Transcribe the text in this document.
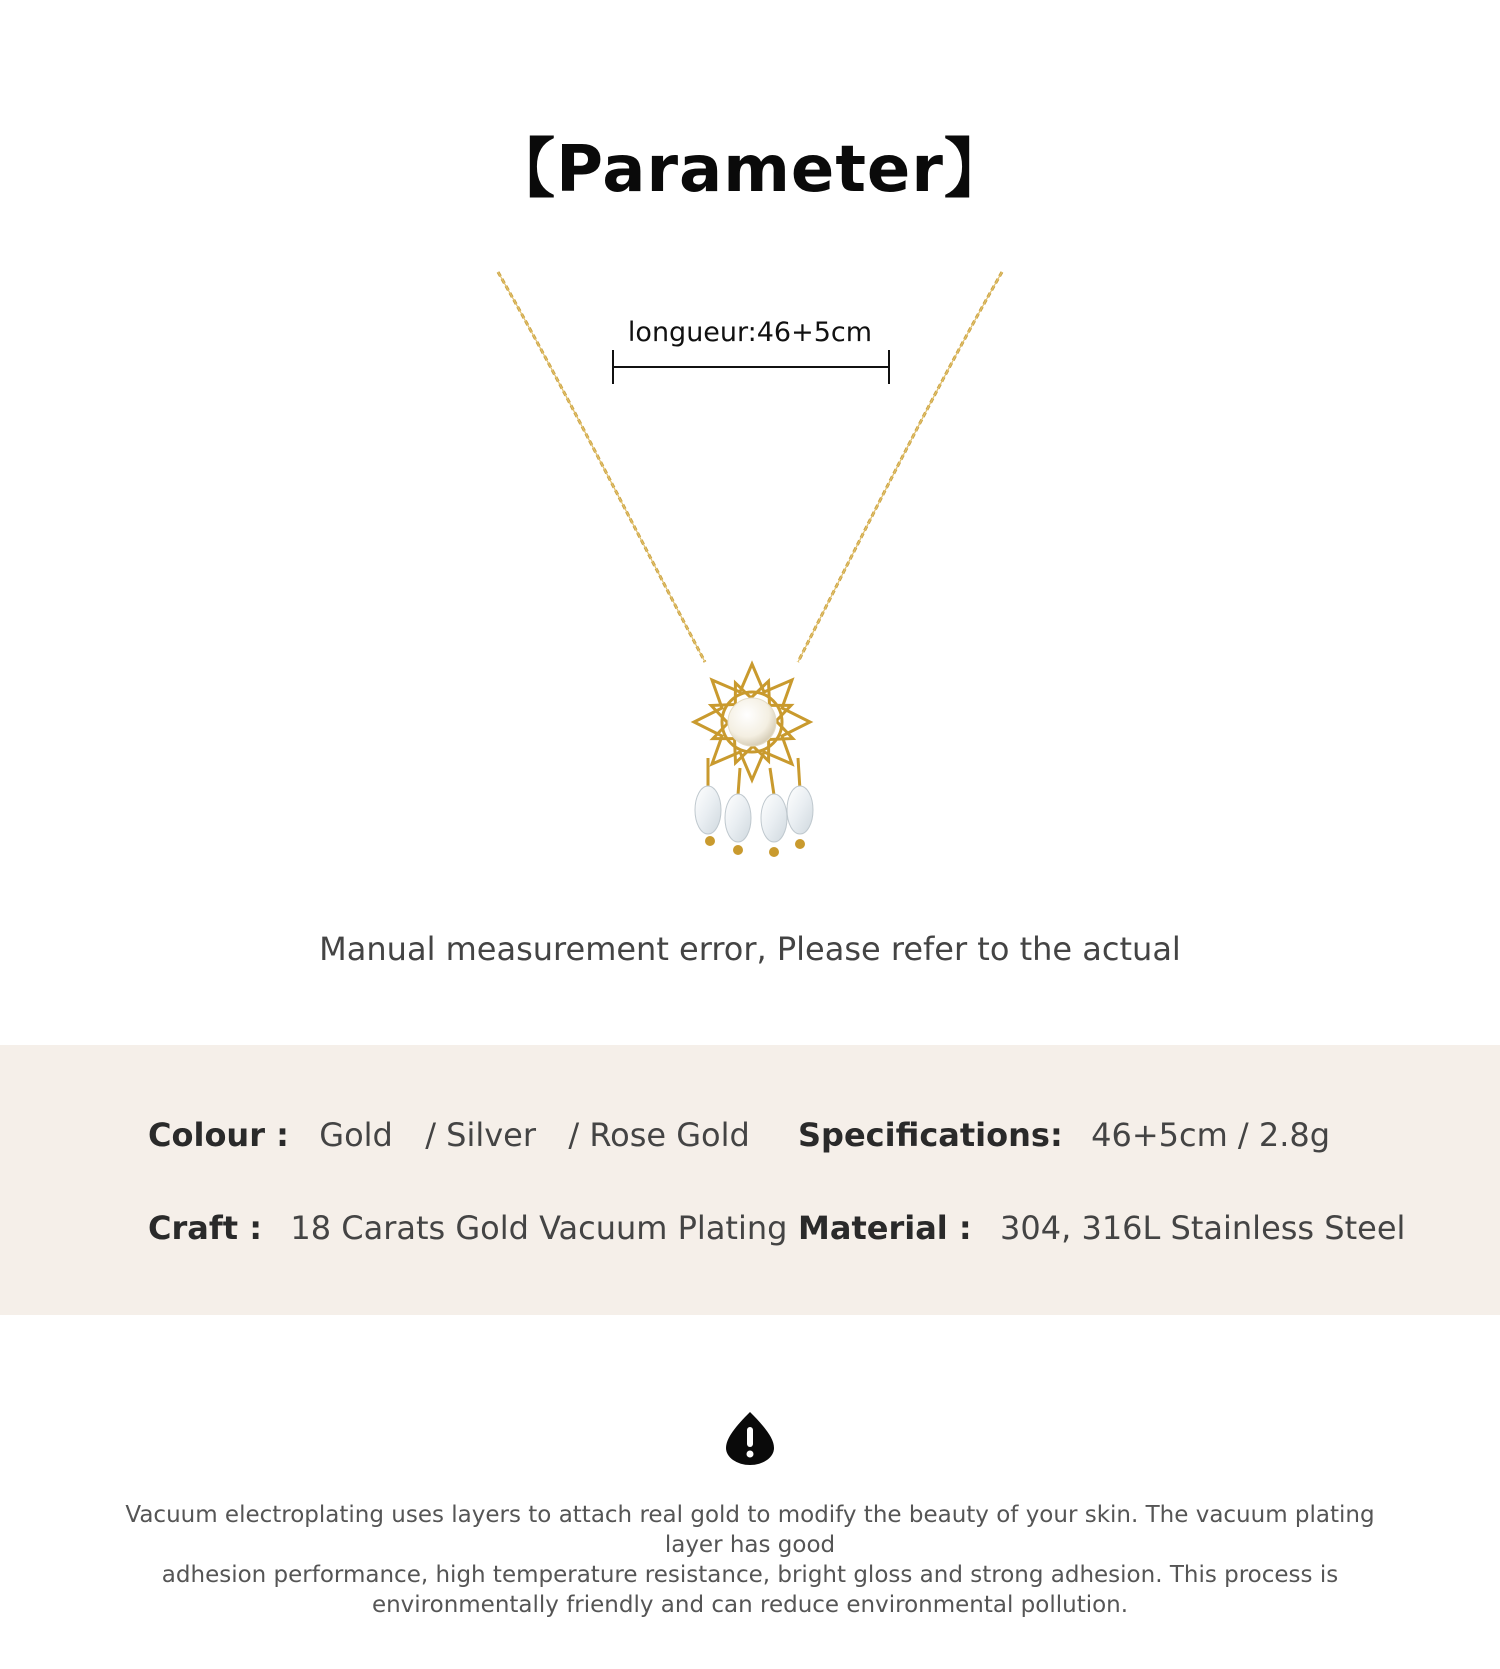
【Parameter】
longueur:46+5cm
Manual measurement error, Please refer to the actual
Colour : Gold / Silver / Rose Gold Specifications: 46+5cm / 2.8g
Craft : 18 Carats Gold Vacuum Plating Material : 304, 316L Stainless Steel
Vacuum electroplating uses layers to attach real gold to modify the beauty of your skin. The vacuum plating layer has good
adhesion performance, high temperature resistance, bright gloss and strong adhesion. This process is
environmentally friendly and can reduce environmental pollution.
